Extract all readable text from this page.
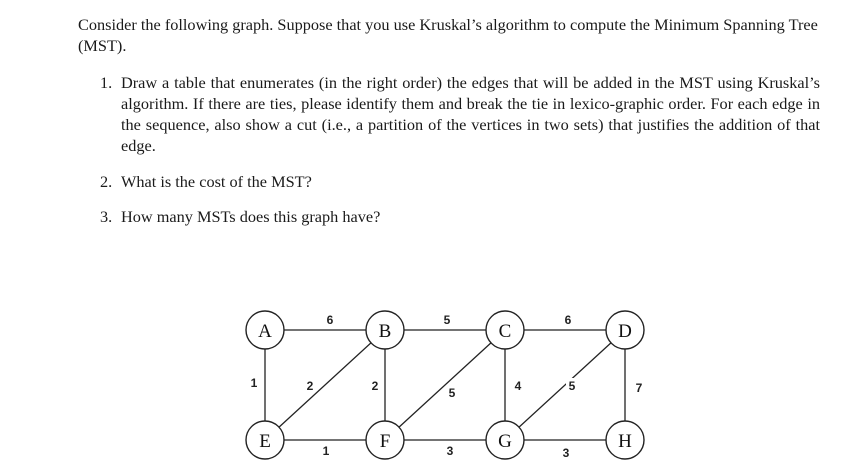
Consider the following graph. Suppose that you use Kruskal’s algorithm to compute the Minimum Spanning Tree (MST).
1. Draw a table that enumerates (in the right order) the edges that will be added in the MST using Kruskal’s algorithm. If there are ties, please identify them and break the tie in lexico-graphic order. For each edge in the sequence, also show a cut (i.e., a partition of the vertices in two sets) that justifies the addition of that edge.
2. What is the cost of the MST?
3. How many MSTs does this graph have?
6	5	6
1	2	2	5	4	5	7
1	3	3
A	B	C	D
E	F	G	H
